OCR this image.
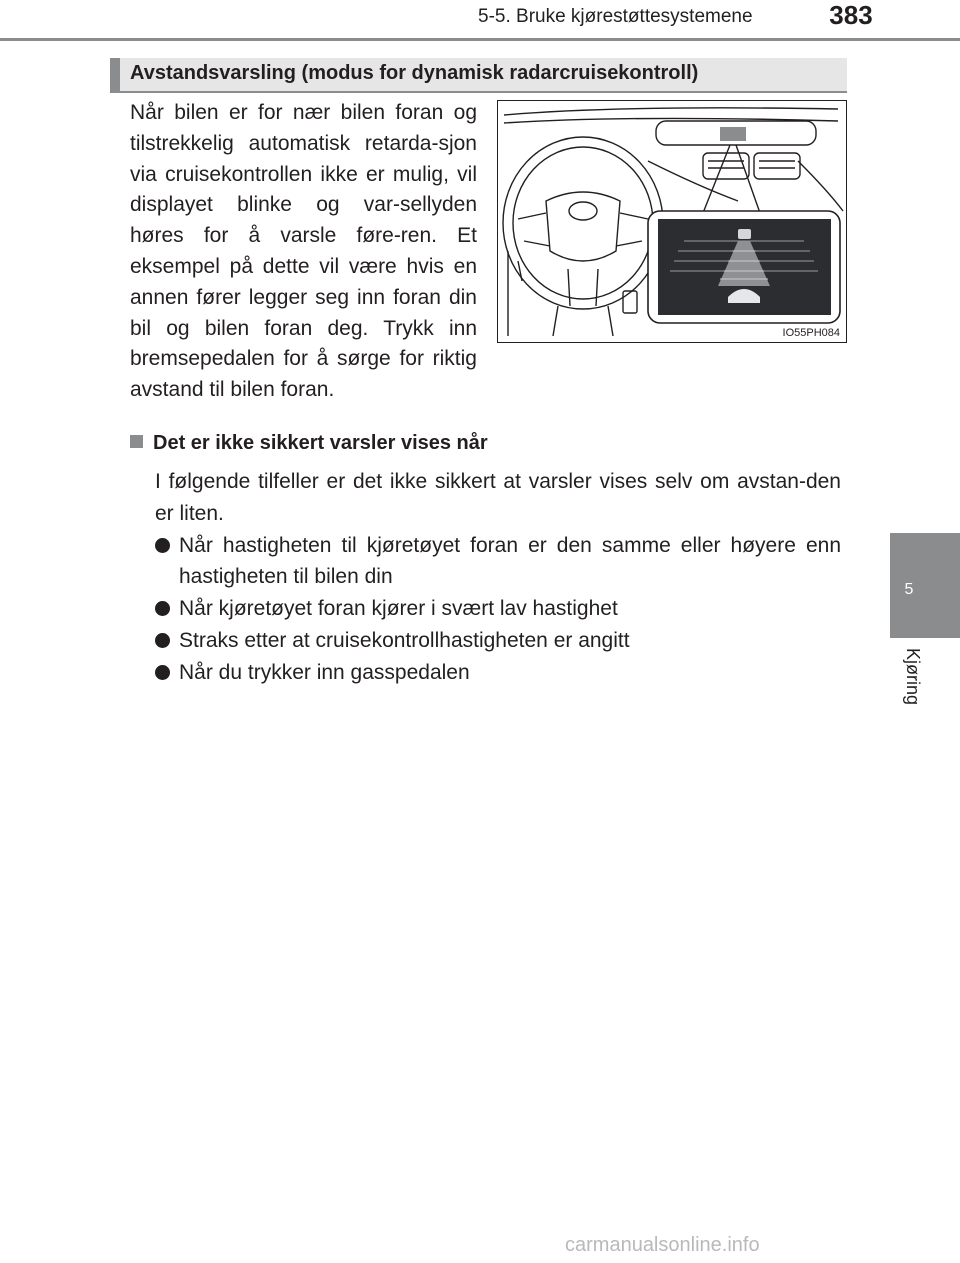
5-5. Bruke kjørestøttesystemene	383
5
Kjøring
Avstandsvarsling (modus for dynamisk radarcruisekontroll)

Når bilen er for nær bilen foran og tilstrekkelig automatisk retarda-sjon via cruisekontrollen ikke er mulig, vil displayet blinke og var-sellyden høres for å varsle føre-ren. Et eksempel på dette vil være hvis en annen fører legger seg inn foran din bil og bilen foran deg. Trykk inn bremsepedalen for å sørge for riktig avstand til bilen foran.

IO55PH084
Det er ikke sikkert varsler vises når

I følgende tilfeller er det ikke sikkert at varsler vises selv om avstan-den er liten.

Når hastigheten til kjøretøyet foran er den samme eller høyere enn hastigheten til bilen din
Når kjøretøyet foran kjører i svært lav hastighet
Straks etter at cruisekontrollhastigheten er angitt
Når du trykker inn gasspedalen
carmanualsonline.info
